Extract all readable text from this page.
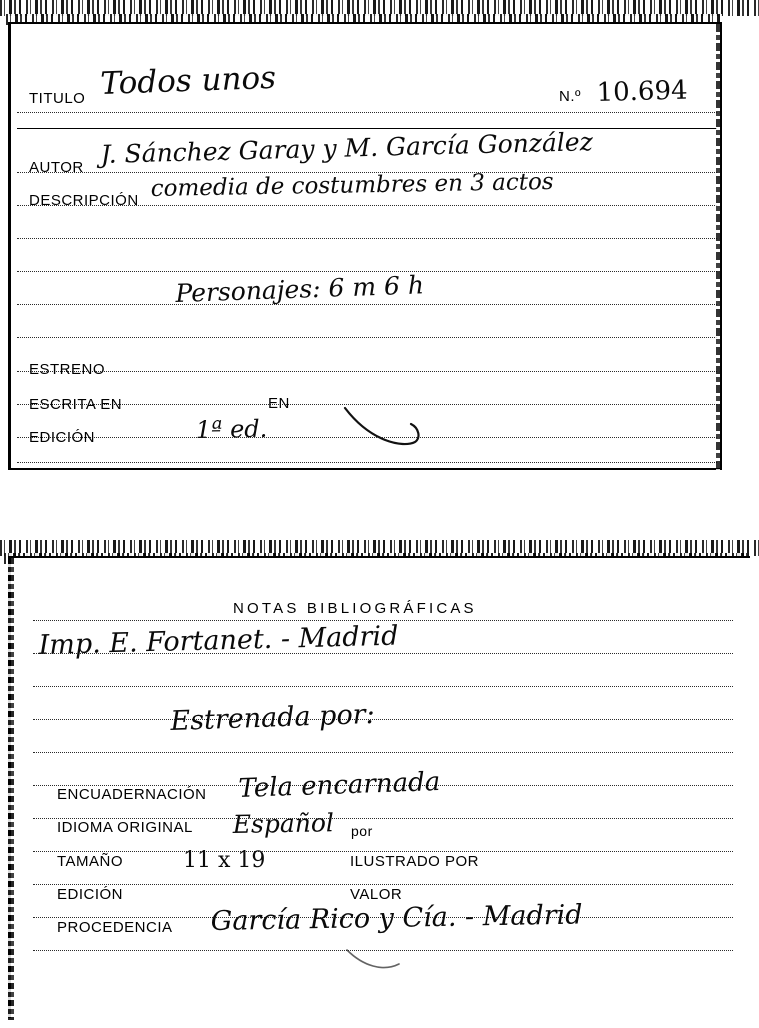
TITULO Todos unos	N.º 10.694
AUTOR J. Sánchez Garay y M. García González
DESCRIPCIÓN comedia de costumbres en 3 actos
Personajes: 6 m 6 h
ESTRENO
ESCRITA EN	EN
EDICIÓN	1ª ed.
NOTAS BIBLIOGRÁFICAS
Imp. E. Fortanet. - Madrid
Estrenada por:
ENCUADERNACIÓN Tela encarnada
IDIOMA ORIGINAL Español por
TAMAÑO	11 x 19	ILUSTRADO POR
EDICIÓN	VALOR
PROCEDENCIA García Rico y Cía. - Madrid
